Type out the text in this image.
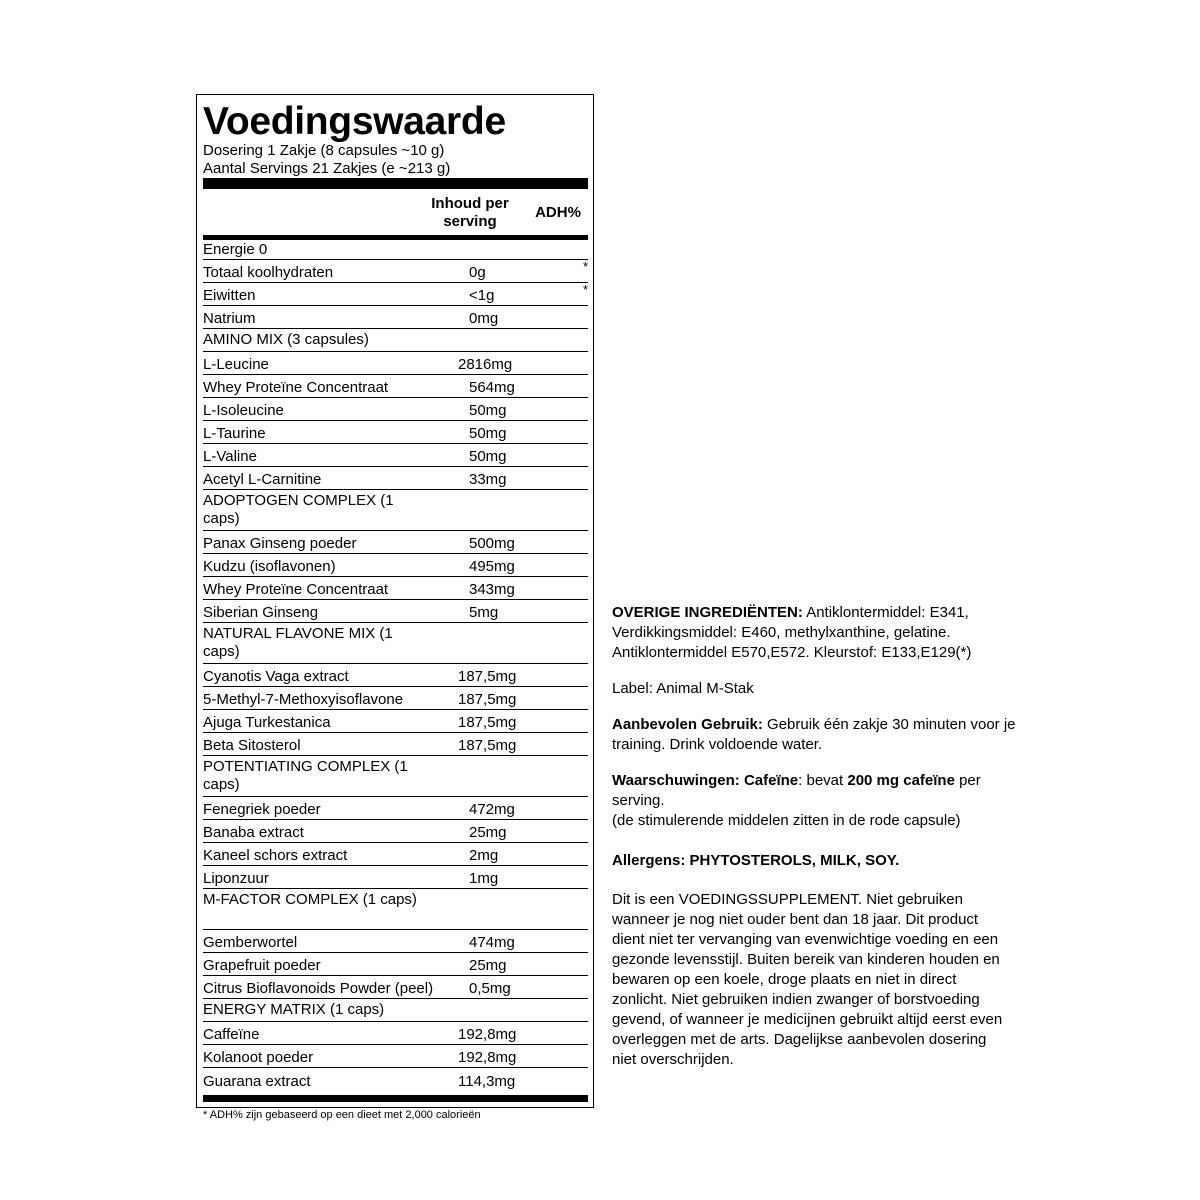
Voedingswaarde
Dosering 1 Zakje (8 capsules ~10 g)
Aantal Servings 21 Zakjes (e ~213 g)
Inhoud per serving
ADH%
Energie 0
Totaal koolhydraten	0g	*
Eiwitten	<1g	*
Natrium	0mg
AMINO MIX (3 capsules)
L-Leucine	2816mg
Whey Proteïne Concentraat	564mg
L-Isoleucine	50mg
L-Taurine	50mg
L-Valine	50mg
Acetyl L-Carnitine	33mg
ADOPTOGEN COMPLEX (1 caps)
Panax Ginseng poeder	500mg
Kudzu (isoflavonen)	495mg
Whey Proteïne Concentraat	343mg
Siberian Ginseng	5mg
NATURAL FLAVONE MIX (1 caps)
Cyanotis Vaga extract	187,5mg
5-Methyl-7-Methoxyisoflavone	187,5mg
Ajuga Turkestanica	187,5mg
Beta Sitosterol	187,5mg
POTENTIATING COMPLEX (1 caps)
Fenegriek poeder	472mg
Banaba extract	25mg
Kaneel schors extract	2mg
Liponzuur	1mg
M-FACTOR COMPLEX (1 caps)
Gemberwortel	474mg
Grapefruit poeder	25mg
Citrus Bioflavonoids Powder (peel) 0,5mg
ENERGY MATRIX (1 caps)
Caffeïne	192,8mg
Kolanoot poeder	192,8mg
Guarana extract	114,3mg
* ADH% zijn gebaseerd op een dieet met 2,000 calorieën

OVERIGE INGREDIËNTEN: Antiklontermiddel: E341, Verdikkingsmiddel: E460, methylxanthine, gelatine. Antiklontermiddel E570,E572. Kleurstof: E133,E129(*)

Label: Animal M-Stak

Aanbevolen Gebruik: Gebruik één zakje 30 minuten voor je training. Drink voldoende water.

Waarschuwingen: Cafeïne: bevat 200 mg cafeïne per serving.
(de stimulerende middelen zitten in de rode capsule)

Allergens: PHYTOSTEROLS, MILK, SOY.

Dit is een VOEDINGSSUPPLEMENT. Niet gebruiken wanneer je nog niet ouder bent dan 18 jaar. Dit product dient niet ter vervanging van evenwichtige voeding en een gezonde levensstijl. Buiten bereik van kinderen houden en bewaren op een koele, droge plaats en niet in direct zonlicht. Niet gebruiken indien zwanger of borstvoeding gevend, of wanneer je medicijnen gebruikt altijd eerst even overleggen met de arts. Dagelijkse aanbevolen dosering niet overschrijden.
